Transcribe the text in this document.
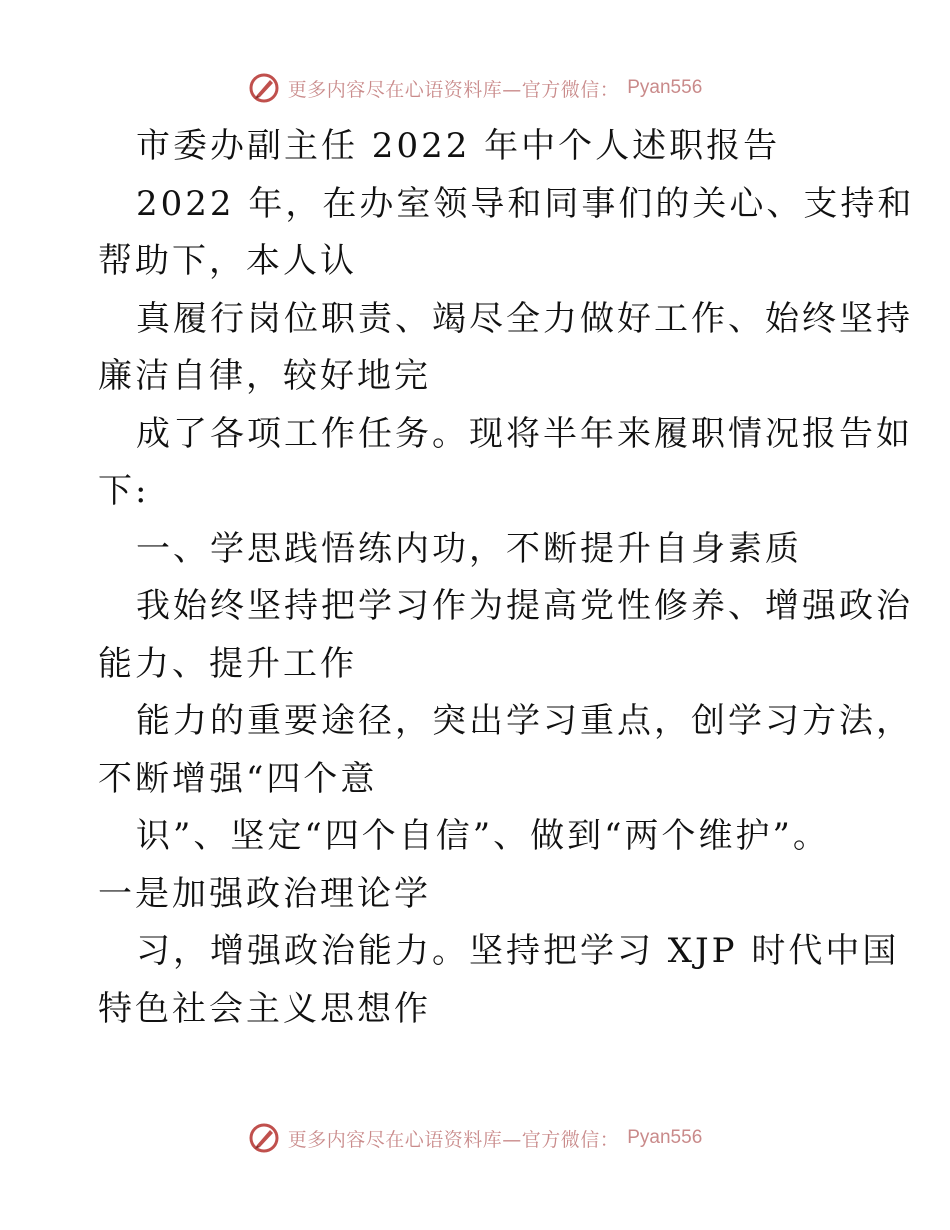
更多内容尽在心语资料库—官方微信： Pyan556
市委办副主任 2022 年中个人述职报告
2022 年，在办室领导和同事们的关心、支持和
帮助下，本人认
真履行岗位职责、竭尽全力做好工作、始终坚持
廉洁自律，较好地完
成了各项工作任务。现将半年来履职情况报告如
下:
一、学思践悟练内功，不断提升自身素质
我始终坚持把学习作为提高党性修养、增强政治
能力、提升工作
能力的重要途径，突出学习重点，创学习方法，
不断增强“四个意
识”、坚定“四个自信”、做到“两个维护”。
一是加强政治理论学
习，增强政治能力。坚持把学习 XJP 时代中国
特色社会主义思想作
更多内容尽在心语资料库—官方微信： Pyan556
